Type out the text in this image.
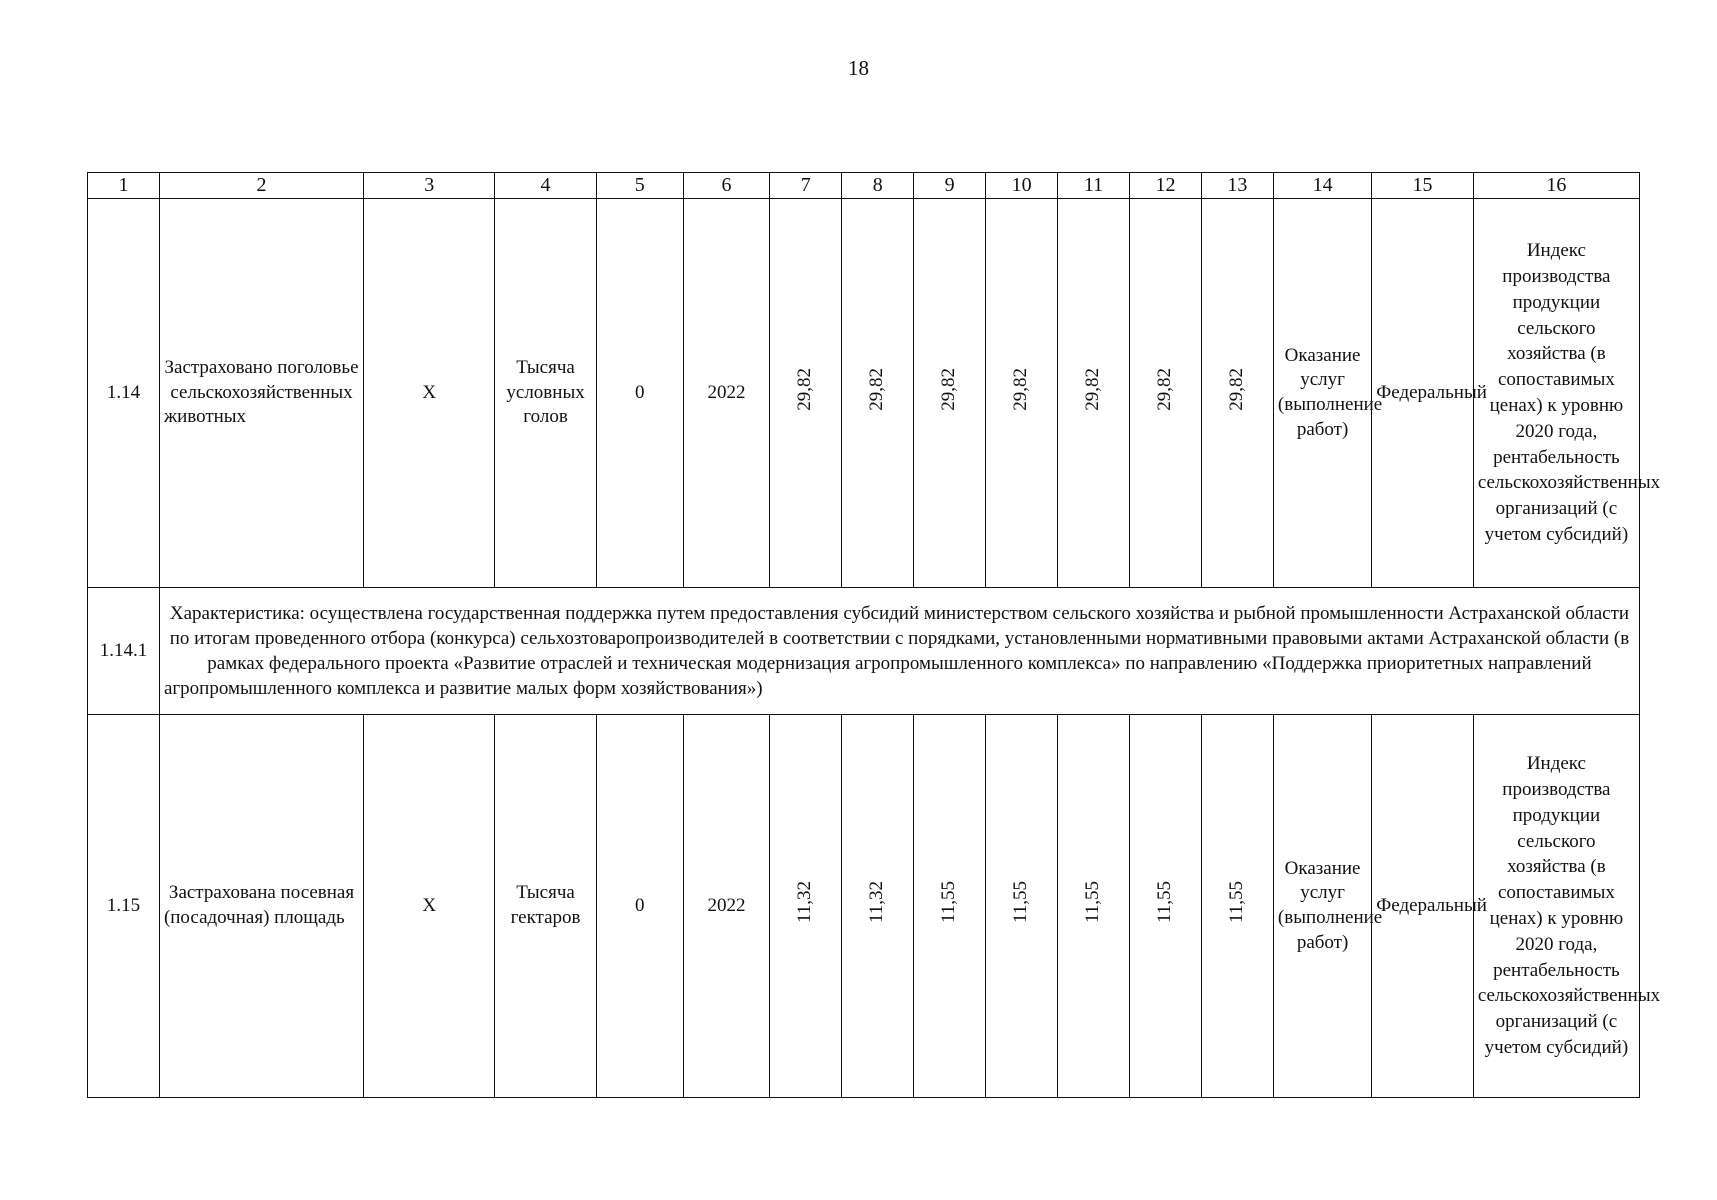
18
1	2	3	4	5	6	7	8	9	10	11	12	13	14	15	16
1.14	Застраховано поголовье сельскохозяйственных животных	Х	Тысяча условных голов	0	2022	29,82	29,82	29,82	29,82	29,82	29,82	29,82	Оказание услуг (выполнение работ)	Федеральный	Индекс производства продукции сельского хозяйства (в сопоставимых ценах) к уровню 2020 года, рентабельность сельскохозяйственных организаций (с учетом субсидий)
1.14.1	Характеристика: осуществлена государственная поддержка путем предоставления субсидий министерством сельского хозяйства и рыбной промышленности Астраханской области по итогам проведенного отбора (конкурса) сельхозтоваропроизводителей в соответствии с порядками, установленными нормативными правовыми актами Астраханской области (в рамках федерального проекта «Развитие отраслей и техническая модернизация агропромышленного комплекса» по направлению «Поддержка приоритетных направлений агропромышленного комплекса и развитие малых форм хозяйствования»)														
1.15	Застрахована посевная (посадочная) площадь	Х	Тысяча гектаров	0	2022	11,32	11,32	11,55	11,55	11,55	11,55	11,55	Оказание услуг (выполнение работ)	Федеральный	Индекс производства продукции сельского хозяйства (в сопоставимых ценах) к уровню 2020 года, рентабельность сельскохозяйственных организаций (с учетом субсидий)
